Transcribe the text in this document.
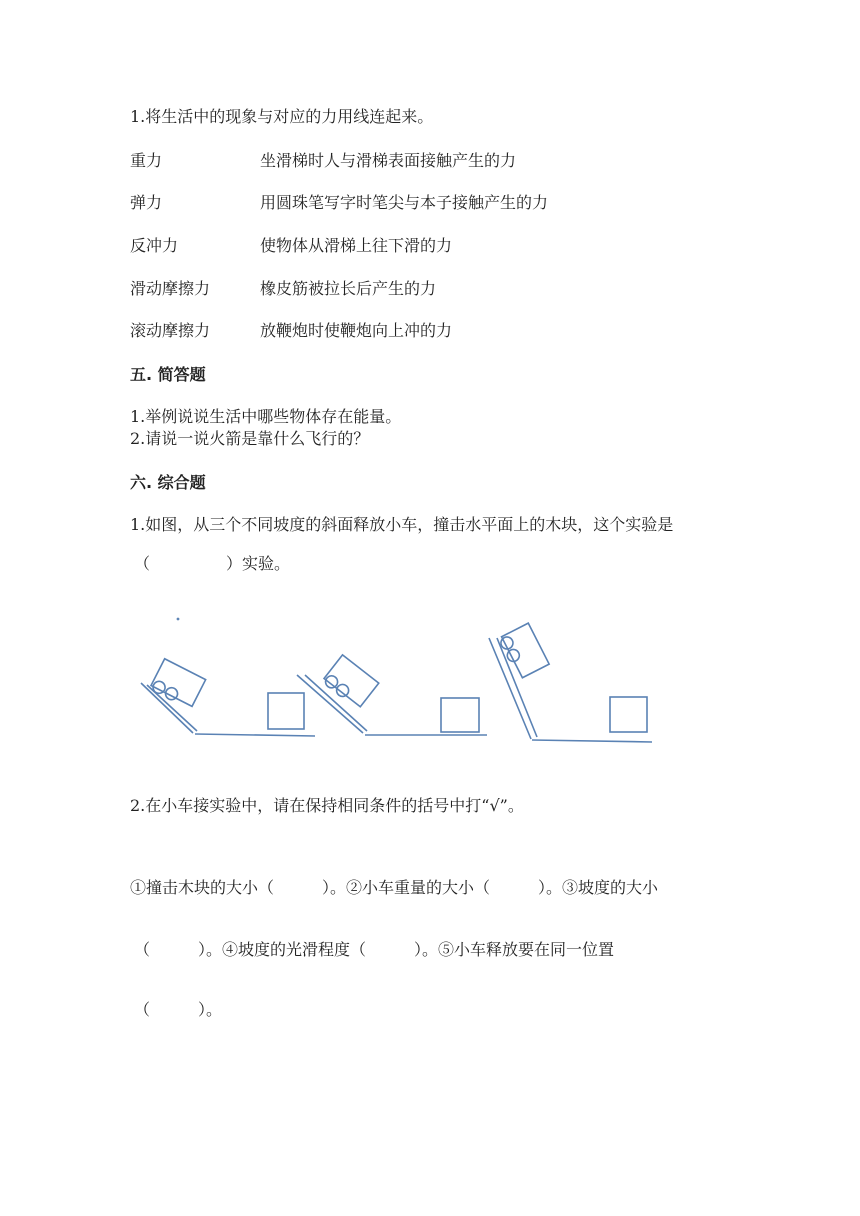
1.将生活中的现象与对应的力用线连起来。
重力	坐滑梯时人与滑梯表面接触产生的力
弹力	用圆珠笔写字时笔尖与本子接触产生的力
反冲力	使物体从滑梯上往下滑的力
滑动摩擦力	橡皮筋被拉长后产生的力
滚动摩擦力	放鞭炮时使鞭炮向上冲的力
五. 简答题
1.举例说说生活中哪些物体存在能量。
2.请说一说火箭是靠什么飞行的？
六. 综合题
1.如图，从三个不同坡度的斜面释放小车，撞击水平面上的木块，这个实验是
（	）实验。
2.在小车接实验中，请在保持相同条件的括号中打“√”。
①撞击木块的大小（	）。②小车重量的大小（	）。③坡度的大小
（	）。④坡度的光滑程度（	）。⑤小车释放要在同一位置
（	）。
